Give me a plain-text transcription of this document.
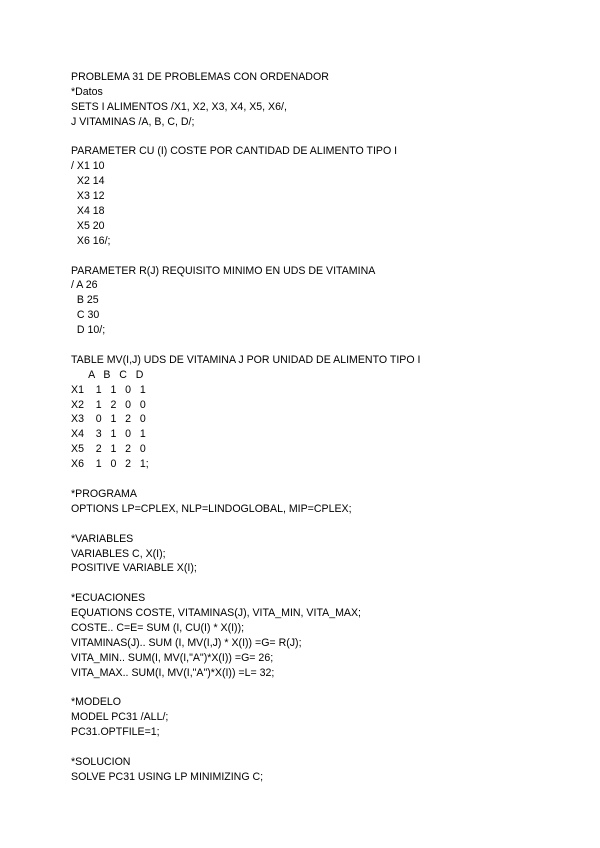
PROBLEMA 31 DE PROBLEMAS CON ORDENADOR
*Datos
SETS I ALIMENTOS /X1, X2, X3, X4, X5, X6/,
J VITAMINAS /A, B, C, D/;
PARAMETER CU (I) COSTE POR CANTIDAD DE ALIMENTO TIPO I
/ X1 10
X2 14
X3 12
X4 18
X5 20
X6 16/;
PARAMETER R(J) REQUISITO MINIMO EN UDS DE VITAMINA
/ A 26
B 25
C 30
D 10/;
TABLE MV(I,J) UDS DE VITAMINA J POR UNIDAD DE ALIMENTO TIPO I
A   B   C   D
X1    1   1   0   1
X2    1   2   0   0
X3    0   1   2   0
X4    3   1   0   1
X5    2   1   2   0
X6    1   0   2   1;
*PROGRAMA
OPTIONS LP=CPLEX, NLP=LINDOGLOBAL, MIP=CPLEX;
*VARIABLES
VARIABLES C, X(I);
POSITIVE VARIABLE X(I);
*ECUACIONES
EQUATIONS COSTE, VITAMINAS(J), VITA_MIN, VITA_MAX;
COSTE.. C=E= SUM (I, CU(I) * X(I));
VITAMINAS(J).. SUM (I, MV(I,J) * X(I)) =G= R(J);
VITA_MIN.. SUM(I, MV(I,"A")*X(I)) =G= 26;
VITA_MAX.. SUM(I, MV(I,"A")*X(I)) =L= 32;
*MODELO
MODEL PC31 /ALL/;
PC31.OPTFILE=1;
*SOLUCION
SOLVE PC31 USING LP MINIMIZING C;
